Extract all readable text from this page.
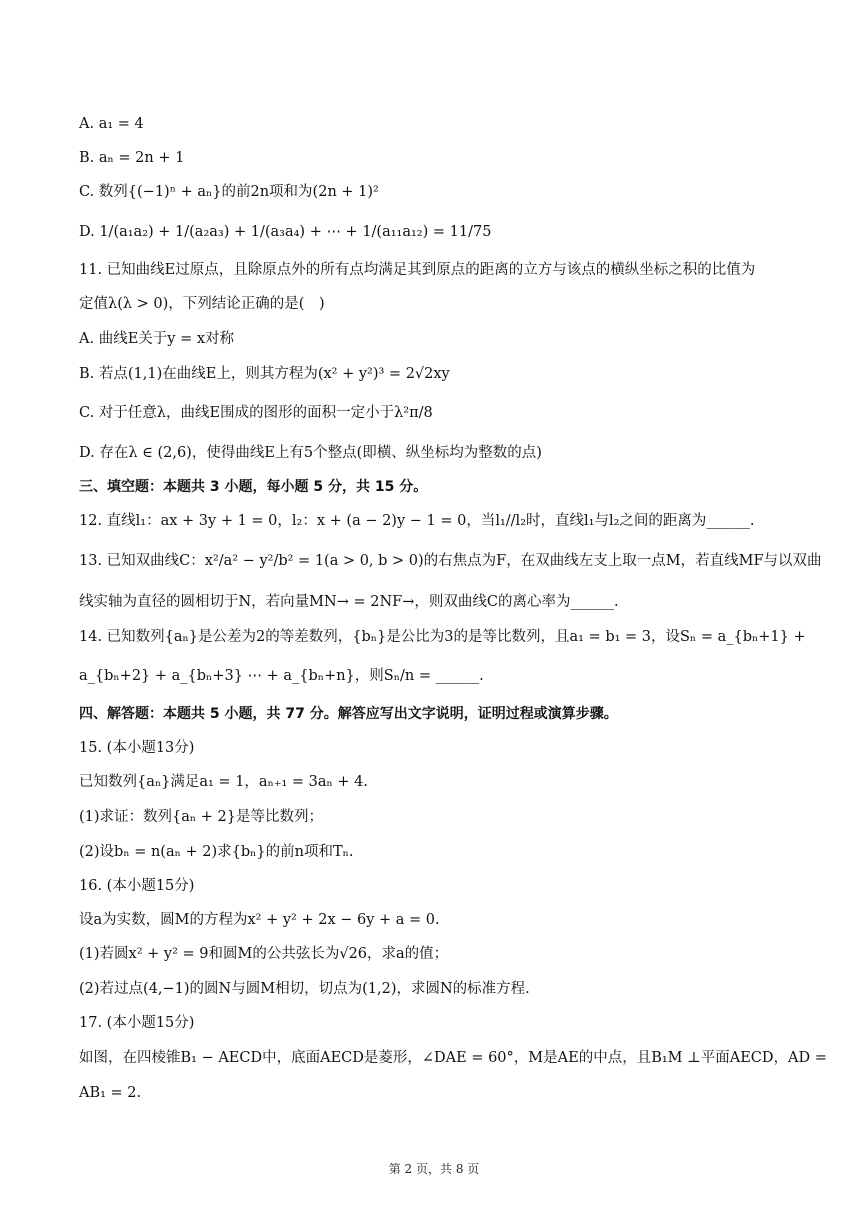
A. a₁ = 4
B. aₙ = 2n + 1
C. 数列{(−1)ⁿ + aₙ}的前2n项和为(2n + 1)²
D. 1/(a₁a₂) + 1/(a₂a₃) + 1/(a₃a₄) + ⋯ + 1/(a₁₁a₁₂) = 11/75
11. 已知曲线E过原点，且除原点外的所有点均满足其到原点的距离的立方与该点的横纵坐标之积的比值为
定值λ(λ > 0)，下列结论正确的是(　)
A. 曲线E关于y = x对称
B. 若点(1,1)在曲线E上，则其方程为(x² + y²)³ = 2√2xy
C. 对于任意λ，曲线E围成的图形的面积一定小于λ²π/8
D. 存在λ ∈ (2,6)，使得曲线E上有5个整点(即横、纵坐标均为整数的点)
三、填空题：本题共 3 小题，每小题 5 分，共 15 分。
12. 直线l₁：ax + 3y + 1 = 0，l₂：x + (a − 2)y − 1 = 0，当l₁//l₂时，直线l₁与l₂之间的距离为______.
13. 已知双曲线C：x²/a² − y²/b² = 1(a > 0, b > 0)的右焦点为F，在双曲线左支上取一点M，若直线MF与以双曲
线实轴为直径的圆相切于N，若向量MN→ = 2NF→，则双曲线C的离心率为______.
14. 已知数列{aₙ}是公差为2的等差数列，{bₙ}是公比为3的是等比数列，且a₁ = b₁ = 3，设Sₙ = a_{bₙ+1} +
a_{bₙ+2} + a_{bₙ+3} ⋯ + a_{bₙ+n}，则Sₙ/n = ______.
四、解答题：本题共 5 小题，共 77 分。解答应写出文字说明，证明过程或演算步骤。
15. (本小题13分)
已知数列{aₙ}满足a₁ = 1，aₙ₊₁ = 3aₙ + 4.
(1)求证：数列{aₙ + 2}是等比数列；
(2)设bₙ = n(aₙ + 2)求{bₙ}的前n项和Tₙ.
16. (本小题15分)
设a为实数，圆M的方程为x² + y² + 2x − 6y + a = 0.
(1)若圆x² + y² = 9和圆M的公共弦长为√26，求a的值；
(2)若过点(4,−1)的圆N与圆M相切，切点为(1,2)，求圆N的标准方程.
17. (本小题15分)
如图，在四棱锥B₁ − AECD中，底面AECD是菱形，∠DAE = 60°，M是AE的中点，且B₁M ⊥平面AECD，AD =
AB₁ = 2.
第 2 页，共 8 页
